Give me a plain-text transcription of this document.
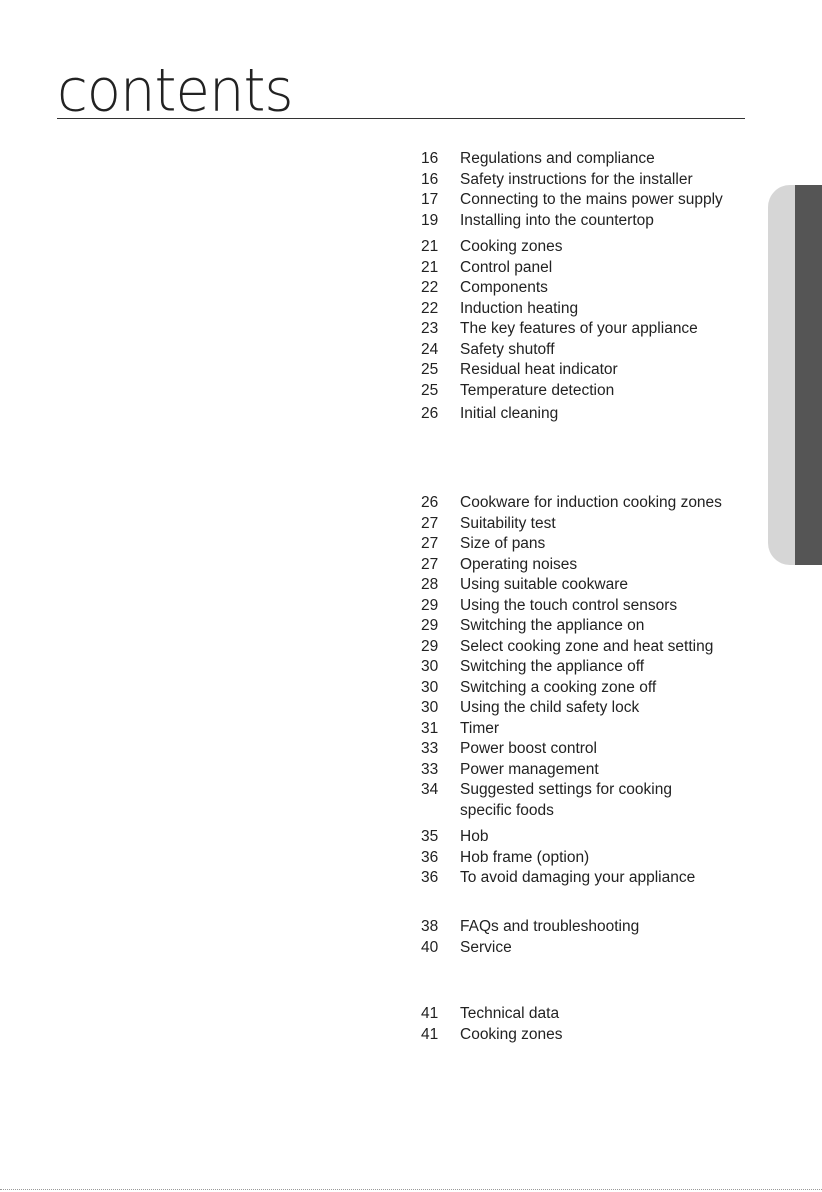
contents
16	Regulations and compliance
16	Safety instructions for the installer
17	Connecting to the mains power supply
19	Installing into the countertop
21	Cooking zones
21	Control panel
22	Components
22	Induction heating
23	The key features of your appliance
24	Safety shutoff
25	Residual heat indicator
25	Temperature detection
26	Initial cleaning
26	Cookware for induction cooking zones
27	Suitability test
27	Size of pans
27	Operating noises
28	Using suitable cookware
29	Using the touch control sensors
29	Switching the appliance on
29	Select cooking zone and heat setting
30	Switching the appliance off
30	Switching a cooking zone off
30	Using the child safety lock
31	Timer
33	Power boost control
33	Power management
34	Suggested settings for cooking specific foods
35	Hob
36	Hob frame (option)
36	To avoid damaging your appliance
38	FAQs and troubleshooting
40	Service
41	Technical data
41	Cooking zones
